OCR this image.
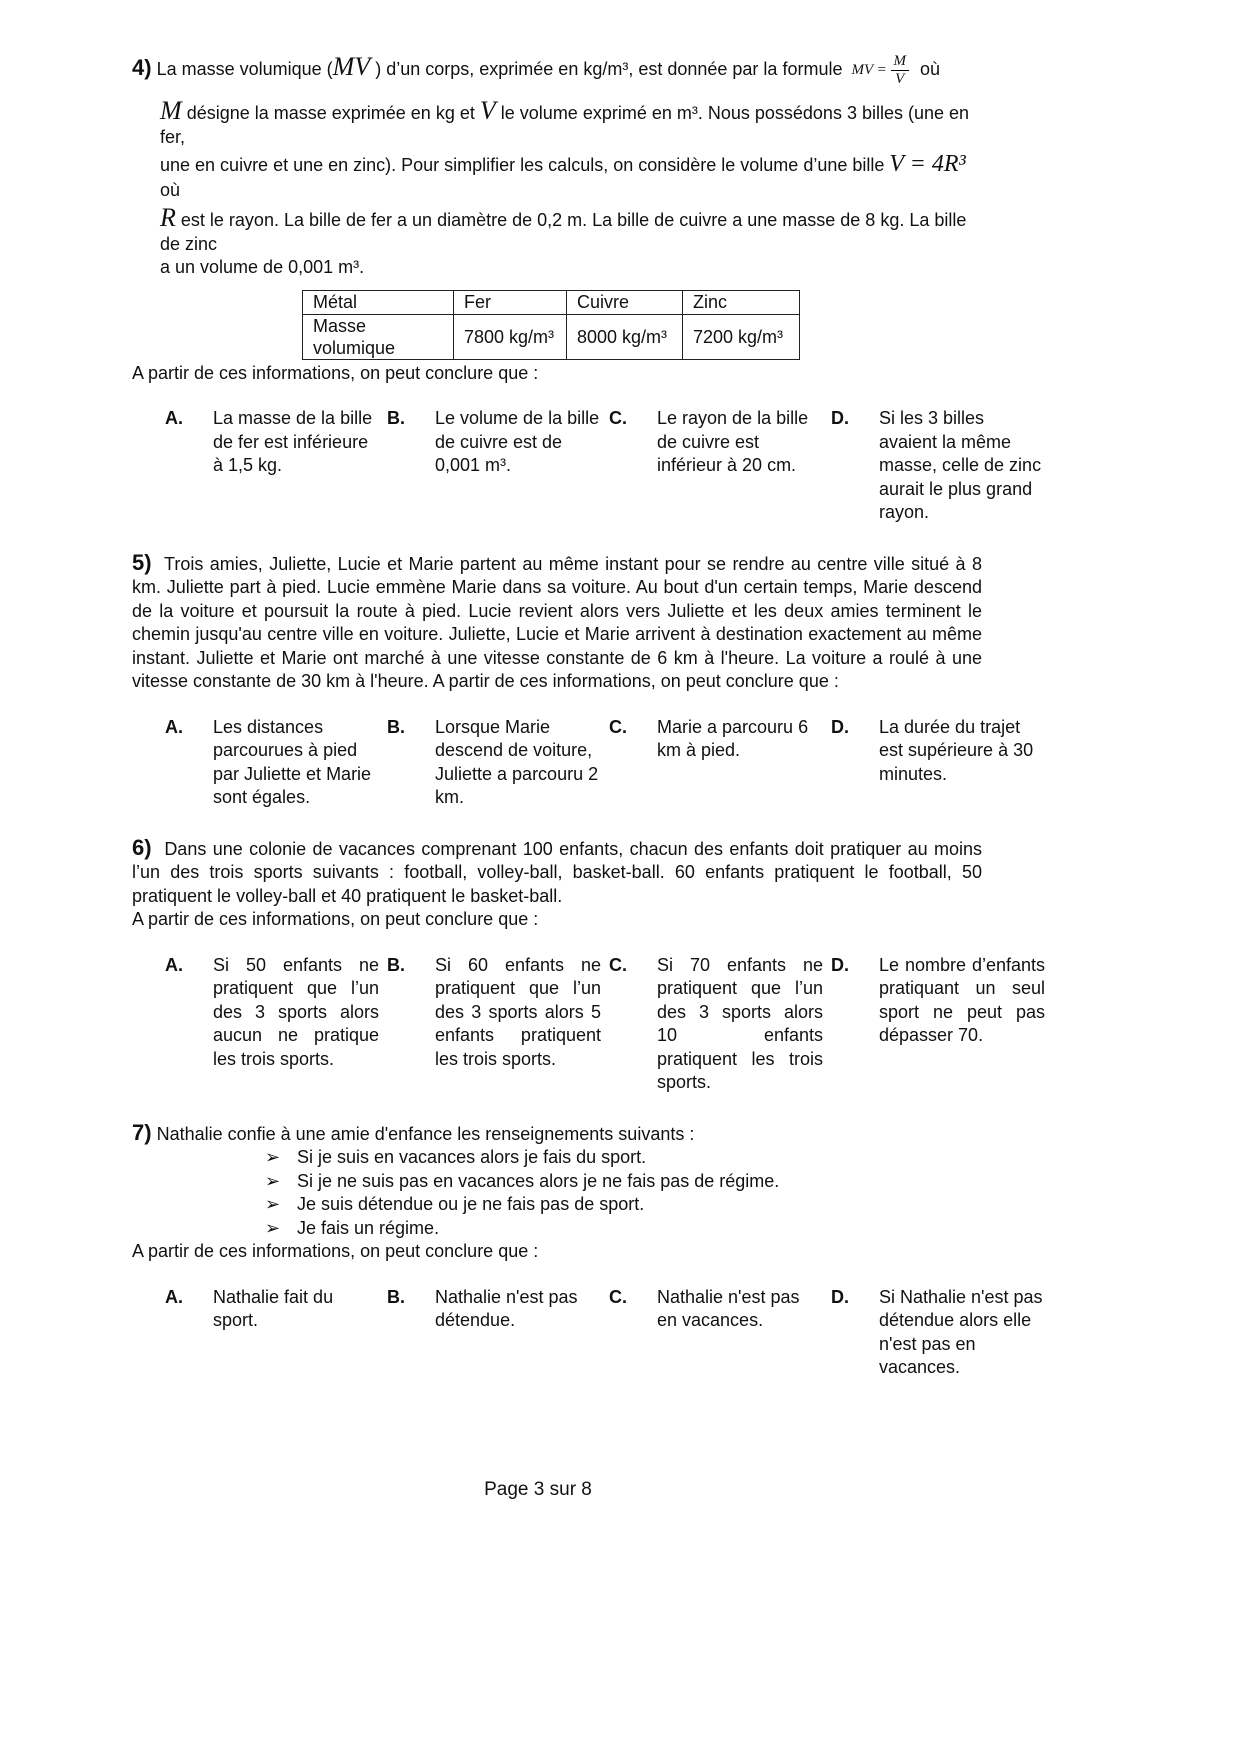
4) La masse volumique (MV ) d’un corps, exprimée en kg/m³, est donnée par la formule MV = $\frac{M}{V}$ où
M désigne la masse exprimée en kg et V le volume exprimé en m³. Nous possédons 3 billes (une en fer,
une en cuivre et une en zinc). Pour simplifier les calculs, on considère le volume d’une bille V = 4R³ où
R est le rayon. La bille de fer a un diamètre de 0,2 m. La bille de cuivre a une masse de 8 kg. La bille de zinc
a un volume de 0,001 m³.
Métal	Fer	Cuivre	Zinc
Masse volumique	7800 kg/m³	8000 kg/m³	7200 kg/m³
A partir de ces informations, on peut conclure que :
A.	La masse de la bille de fer est inférieure à 1,5 kg.
B.	Le volume de la bille de cuivre est de 0,001 m³.
C.	Le rayon de la bille de cuivre est inférieur à 20 cm.
D.	Si les 3 billes avaient la même masse, celle de zinc aurait le plus grand rayon.
5) Trois amies, Juliette, Lucie et Marie partent au même instant pour se rendre au centre ville situé à 8 km. Juliette part à pied. Lucie emmène Marie dans sa voiture. Au bout d'un certain temps, Marie descend de la voiture et poursuit la route à pied. Lucie revient alors vers Juliette et les deux amies terminent le chemin jusqu'au centre ville en voiture. Juliette, Lucie et Marie arrivent à destination exactement au même instant. Juliette et Marie ont marché à une vitesse constante de 6 km à l'heure. La voiture a roulé à une vitesse constante de 30 km à l'heure. A partir de ces informations, on peut conclure que :
A.	Les distances parcourues à pied par Juliette et Marie sont égales.
B.	Lorsque Marie descend de voiture, Juliette a parcouru 2 km.
C.	Marie a parcouru 6 km à pied.
D.	La durée du trajet est supérieure à 30 minutes.
6) Dans une colonie de vacances comprenant 100 enfants, chacun des enfants doit pratiquer au moins l’un des trois sports suivants : football, volley-ball, basket-ball. 60 enfants pratiquent le football, 50 pratiquent le volley-ball et 40 pratiquent le basket-ball.
A partir de ces informations, on peut conclure que :
A.	Si 50 enfants ne pratiquent que l’un des 3 sports alors aucun ne pratique les trois sports.
B.	Si 60 enfants ne pratiquent que l’un des 3 sports alors 5 enfants pratiquent les trois sports.
C.	Si 70 enfants ne pratiquent que l’un des 3 sports alors 10 enfants pratiquent les trois sports.
D.	Le nombre d’enfants pratiquant un seul sport ne peut pas dépasser 70.
7) Nathalie confie à une amie d'enfance les renseignements suivants :
➢ Si je suis en vacances alors je fais du sport.
➢ Si je ne suis pas en vacances alors je ne fais pas de régime.
➢ Je suis détendue ou je ne fais pas de sport.
➢ Je fais un régime.
A partir de ces informations, on peut conclure que :
A.	Nathalie fait du sport.
B.	Nathalie n'est pas détendue.
C.	Nathalie n'est pas en vacances.
D.	Si Nathalie n'est pas détendue alors elle n'est pas en vacances.
Page 3 sur 8
